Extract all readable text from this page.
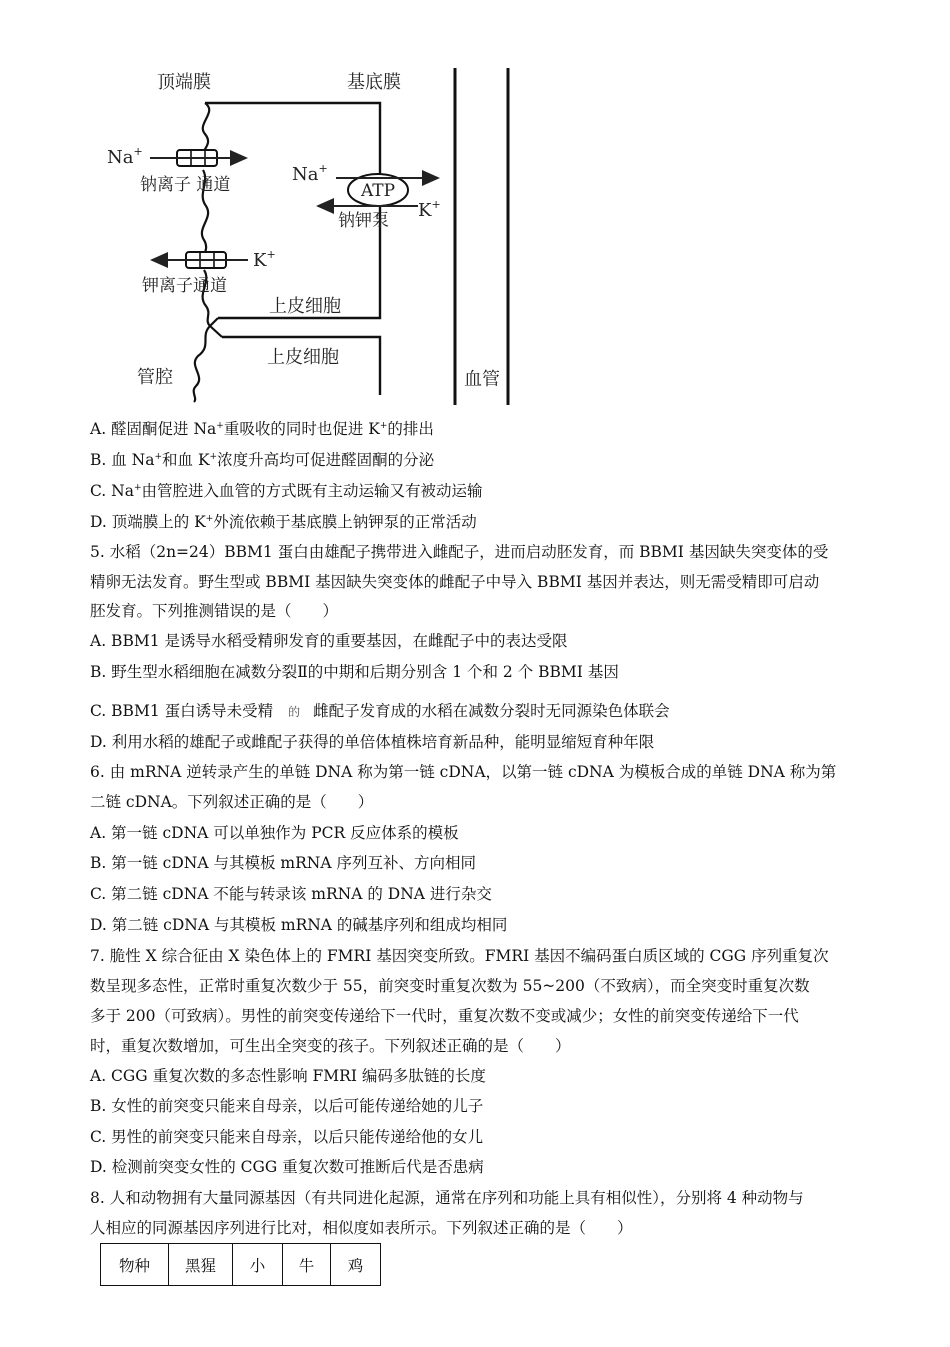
ATP
顶端膜	基底膜
Na+
钠离子 通道	Na+
K+
钠钾泵
K+
钾离子通道
上皮细胞
上皮细胞
管腔	血管
A. 醛固酮促进 Na+重吸收的同时也促进 K+的排出
B. 血 Na+和血 K+浓度升高均可促进醛固酮的分泌
C. Na+由管腔进入血管的方式既有主动运输又有被动运输
D. 顶端膜上的 K+外流依赖于基底膜上钠钾泵的正常活动
5. 水稻（2n=24）BBM1 蛋白由雄配子携带进入雌配子，进而启动胚发育，而 BBMI 基因缺失突变体的受
精卵无法发育。野生型或 BBMI 基因缺失突变体的雌配子中导入 BBMI 基因并表达，则无需受精即可启动
胚发育。下列推测错误的是（　　）
A. BBM1 是诱导水稻受精卵发育的重要基因，在雌配子中的表达受限
B. 野生型水稻细胞在减数分裂Ⅱ的中期和后期分别含 1 个和 2 个 BBMI 基因
C. BBM1 蛋白诱导未受精 的 雌配子发育成的水稻在减数分裂时无同源染色体联会
D. 利用水稻的雄配子或雌配子获得的单倍体植株培育新品种，能明显缩短育种年限
6. 由 mRNA 逆转录产生的单链 DNA 称为第一链 cDNA，以第一链 cDNA 为模板合成的单链 DNA 称为第
二链 cDNA。下列叙述正确的是（　　）
A. 第一链 cDNA 可以单独作为 PCR 反应体系的模板
B. 第一链 cDNA 与其模板 mRNA 序列互补、方向相同
C. 第二链 cDNA 不能与转录该 mRNA 的 DNA 进行杂交
D. 第二链 cDNA 与其模板 mRNA 的碱基序列和组成均相同
7. 脆性 X 综合征由 X 染色体上的 FMRI 基因突变所致。FMRI 基因不编码蛋白质区域的 CGG 序列重复次
数呈现多态性，正常时重复次数少于 55，前突变时重复次数为 55~200（不致病），而全突变时重复次数
多于 200（可致病）。男性的前突变传递给下一代时，重复次数不变或减少；女性的前突变传递给下一代
时，重复次数增加，可生出全突变的孩子。下列叙述正确的是（　　）
A. CGG 重复次数的多态性影响 FMRI 编码多肽链的长度
B. 女性的前突变只能来自母亲，以后可能传递给她的儿子
C. 男性的前突变只能来自母亲，以后只能传递给他的女儿
D. 检测前突变女性的 CGG 重复次数可推断后代是否患病
8. 人和动物拥有大量同源基因（有共同进化起源，通常在序列和功能上具有相似性），分别将 4 种动物与
人相应的同源基因序列进行比对，相似度如表所示。下列叙述正确的是（　　）
物种	黑猩	小	牛	鸡
